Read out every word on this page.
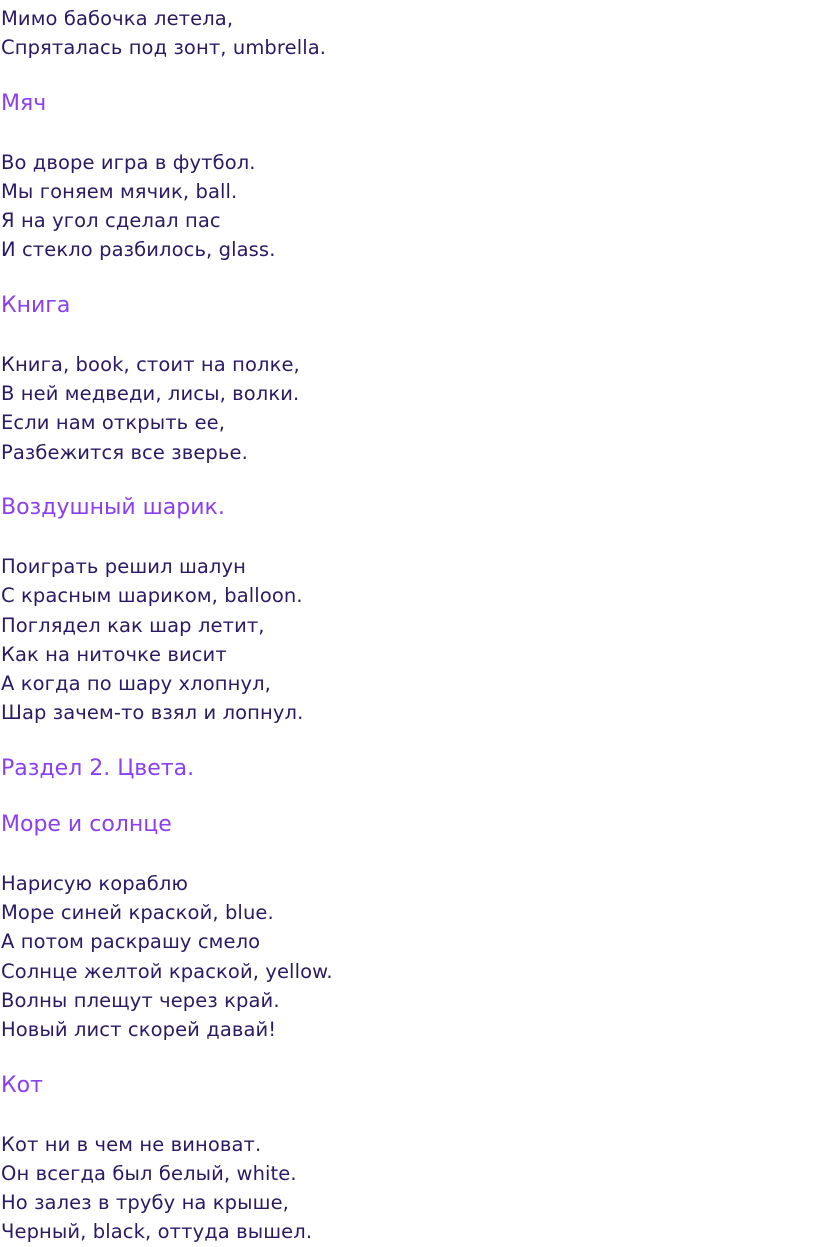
Мимо бабочка летела,
Спряталась под зонт, umbrella.
Мяч
Во дворе игра в футбол.
Мы гоняем мячик, ball.
Я на угол сделал пас
И стекло разбилось, glass.
Книга
Книга, book, стоит на полке,
В ней медведи, лисы, волки.
Если нам открыть ее,
Разбежится все зверье.
Воздушный шарик.
Поиграть решил шалун
С красным шариком, balloon.
Поглядел как шар летит,
Как на ниточке висит
А когда по шару хлопнул,
Шар зачем-то взял и лопнул.
Раздел 2. Цвета.
Море и солнце
Нарисую кораблю
Море синей краской, blue.
А потом раскрашу смело
Солнце желтой краской, yellow.
Волны плещут через край.
Новый лист скорей давай!
Кот
Кот ни в чем не виноват.
Он всегда был белый, white.
Но залез в трубу на крыше,
Черный, black, оттуда вышел.
